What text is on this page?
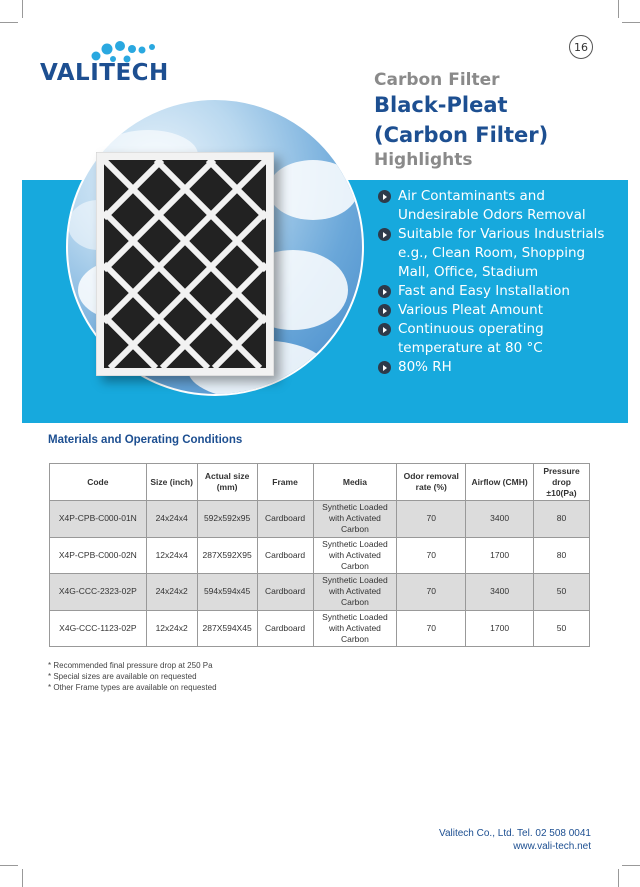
16
VALITECH	Carbon Filter
Black-Pleat
(Carbon Filter)
Highlights
Air Contaminants and Undesirable Odors Removal
Suitable for Various Industrials e.g., Clean Room, Shopping Mall, Office, Stadium
Fast and Easy Installation
Various Pleat Amount
Continuous operating temperature at 80 °C
80% RH
Materials and Operating Conditions
Code	Size (inch)	Actual size (mm)	Frame	Media	Odor removal rate (%)	Airflow (CMH)	Pressure drop ±10(Pa)
X4P-CPB-C000-01N	24x24x4	592x592x95	Cardboard	Synthetic Loaded with Activated Carbon	70	3400	80
X4P-CPB-C000-02N	12x24x4	287X592X95	Cardboard	Synthetic Loaded with Activated Carbon	70	1700	80
X4G-CCC-2323-02P	24x24x2	594x594x45	Cardboard	Synthetic Loaded with Activated Carbon	70	3400	50
X4G-CCC-1123-02P	12x24x2	287X594X45	Cardboard	Synthetic Loaded with Activated Carbon	70	1700	50
* Recommended final pressure drop at 250 Pa
* Special sizes are available on requested
* Other Frame types are available on requested
Valitech Co., Ltd. Tel. 02 508 0041
www.vali-tech.net
